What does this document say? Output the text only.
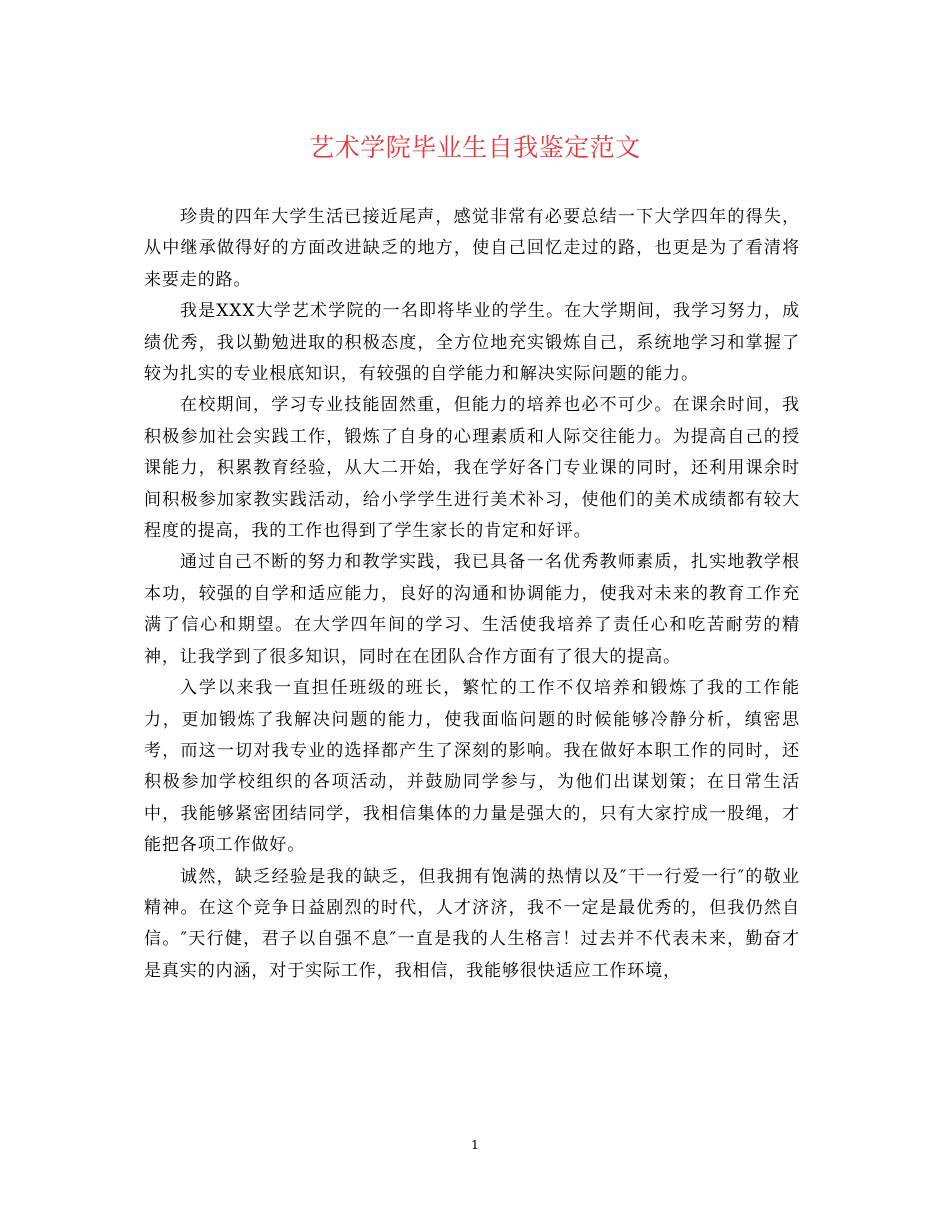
艺术学院毕业生自我鉴定范文

珍贵的四年大学生活已接近尾声，感觉非常有必要总结一下大学四年的得失，从中继承做得好的方面改进缺乏的地方，使自己回忆走过的路，也更是为了看清将来要走的路。

我是XXX大学艺术学院的一名即将毕业的学生。在大学期间，我学习努力，成绩优秀，我以勤勉进取的积极态度，全方位地充实锻炼自己，系统地学习和掌握了较为扎实的专业根底知识，有较强的自学能力和解决实际问题的能力。

在校期间，学习专业技能固然重，但能力的培养也必不可少。在课余时间，我积极参加社会实践工作，锻炼了自身的心理素质和人际交往能力。为提高自己的授课能力，积累教育经验，从大二开始，我在学好各门专业课的同时，还利用课余时间积极参加家教实践活动，给小学学生进行美术补习，使他们的美术成绩都有较大程度的提高，我的工作也得到了学生家长的肯定和好评。

通过自己不断的努力和教学实践，我已具备一名优秀教师素质，扎实地教学根本功，较强的自学和适应能力，良好的沟通和协调能力，使我对未来的教育工作充满了信心和期望。在大学四年间的学习、生活使我培养了责任心和吃苦耐劳的精神，让我学到了很多知识，同时在在团队合作方面有了很大的提高。

入学以来我一直担任班级的班长，繁忙的工作不仅培养和锻炼了我的工作能力，更加锻炼了我解决问题的能力，使我面临问题的时候能够冷静分析，缜密思考，而这一切对我专业的选择都产生了深刻的影响。我在做好本职工作的同时，还积极参加学校组织的各项活动，并鼓励同学参与，为他们出谋划策；在日常生活中，我能够紧密团结同学，我相信集体的力量是强大的，只有大家拧成一股绳，才能把各项工作做好。

诚然，缺乏经验是我的缺乏，但我拥有饱满的热情以及″干一行爱一行″的敬业精神。在这个竞争日益剧烈的时代，人才济济，我不一定是最优秀的，但我仍然自信。″天行健，君子以自强不息″一直是我的人生格言！过去并不代表未来，勤奋才是真实的内涵，对于实际工作，我相信，我能够很快适应工作环境，

1
